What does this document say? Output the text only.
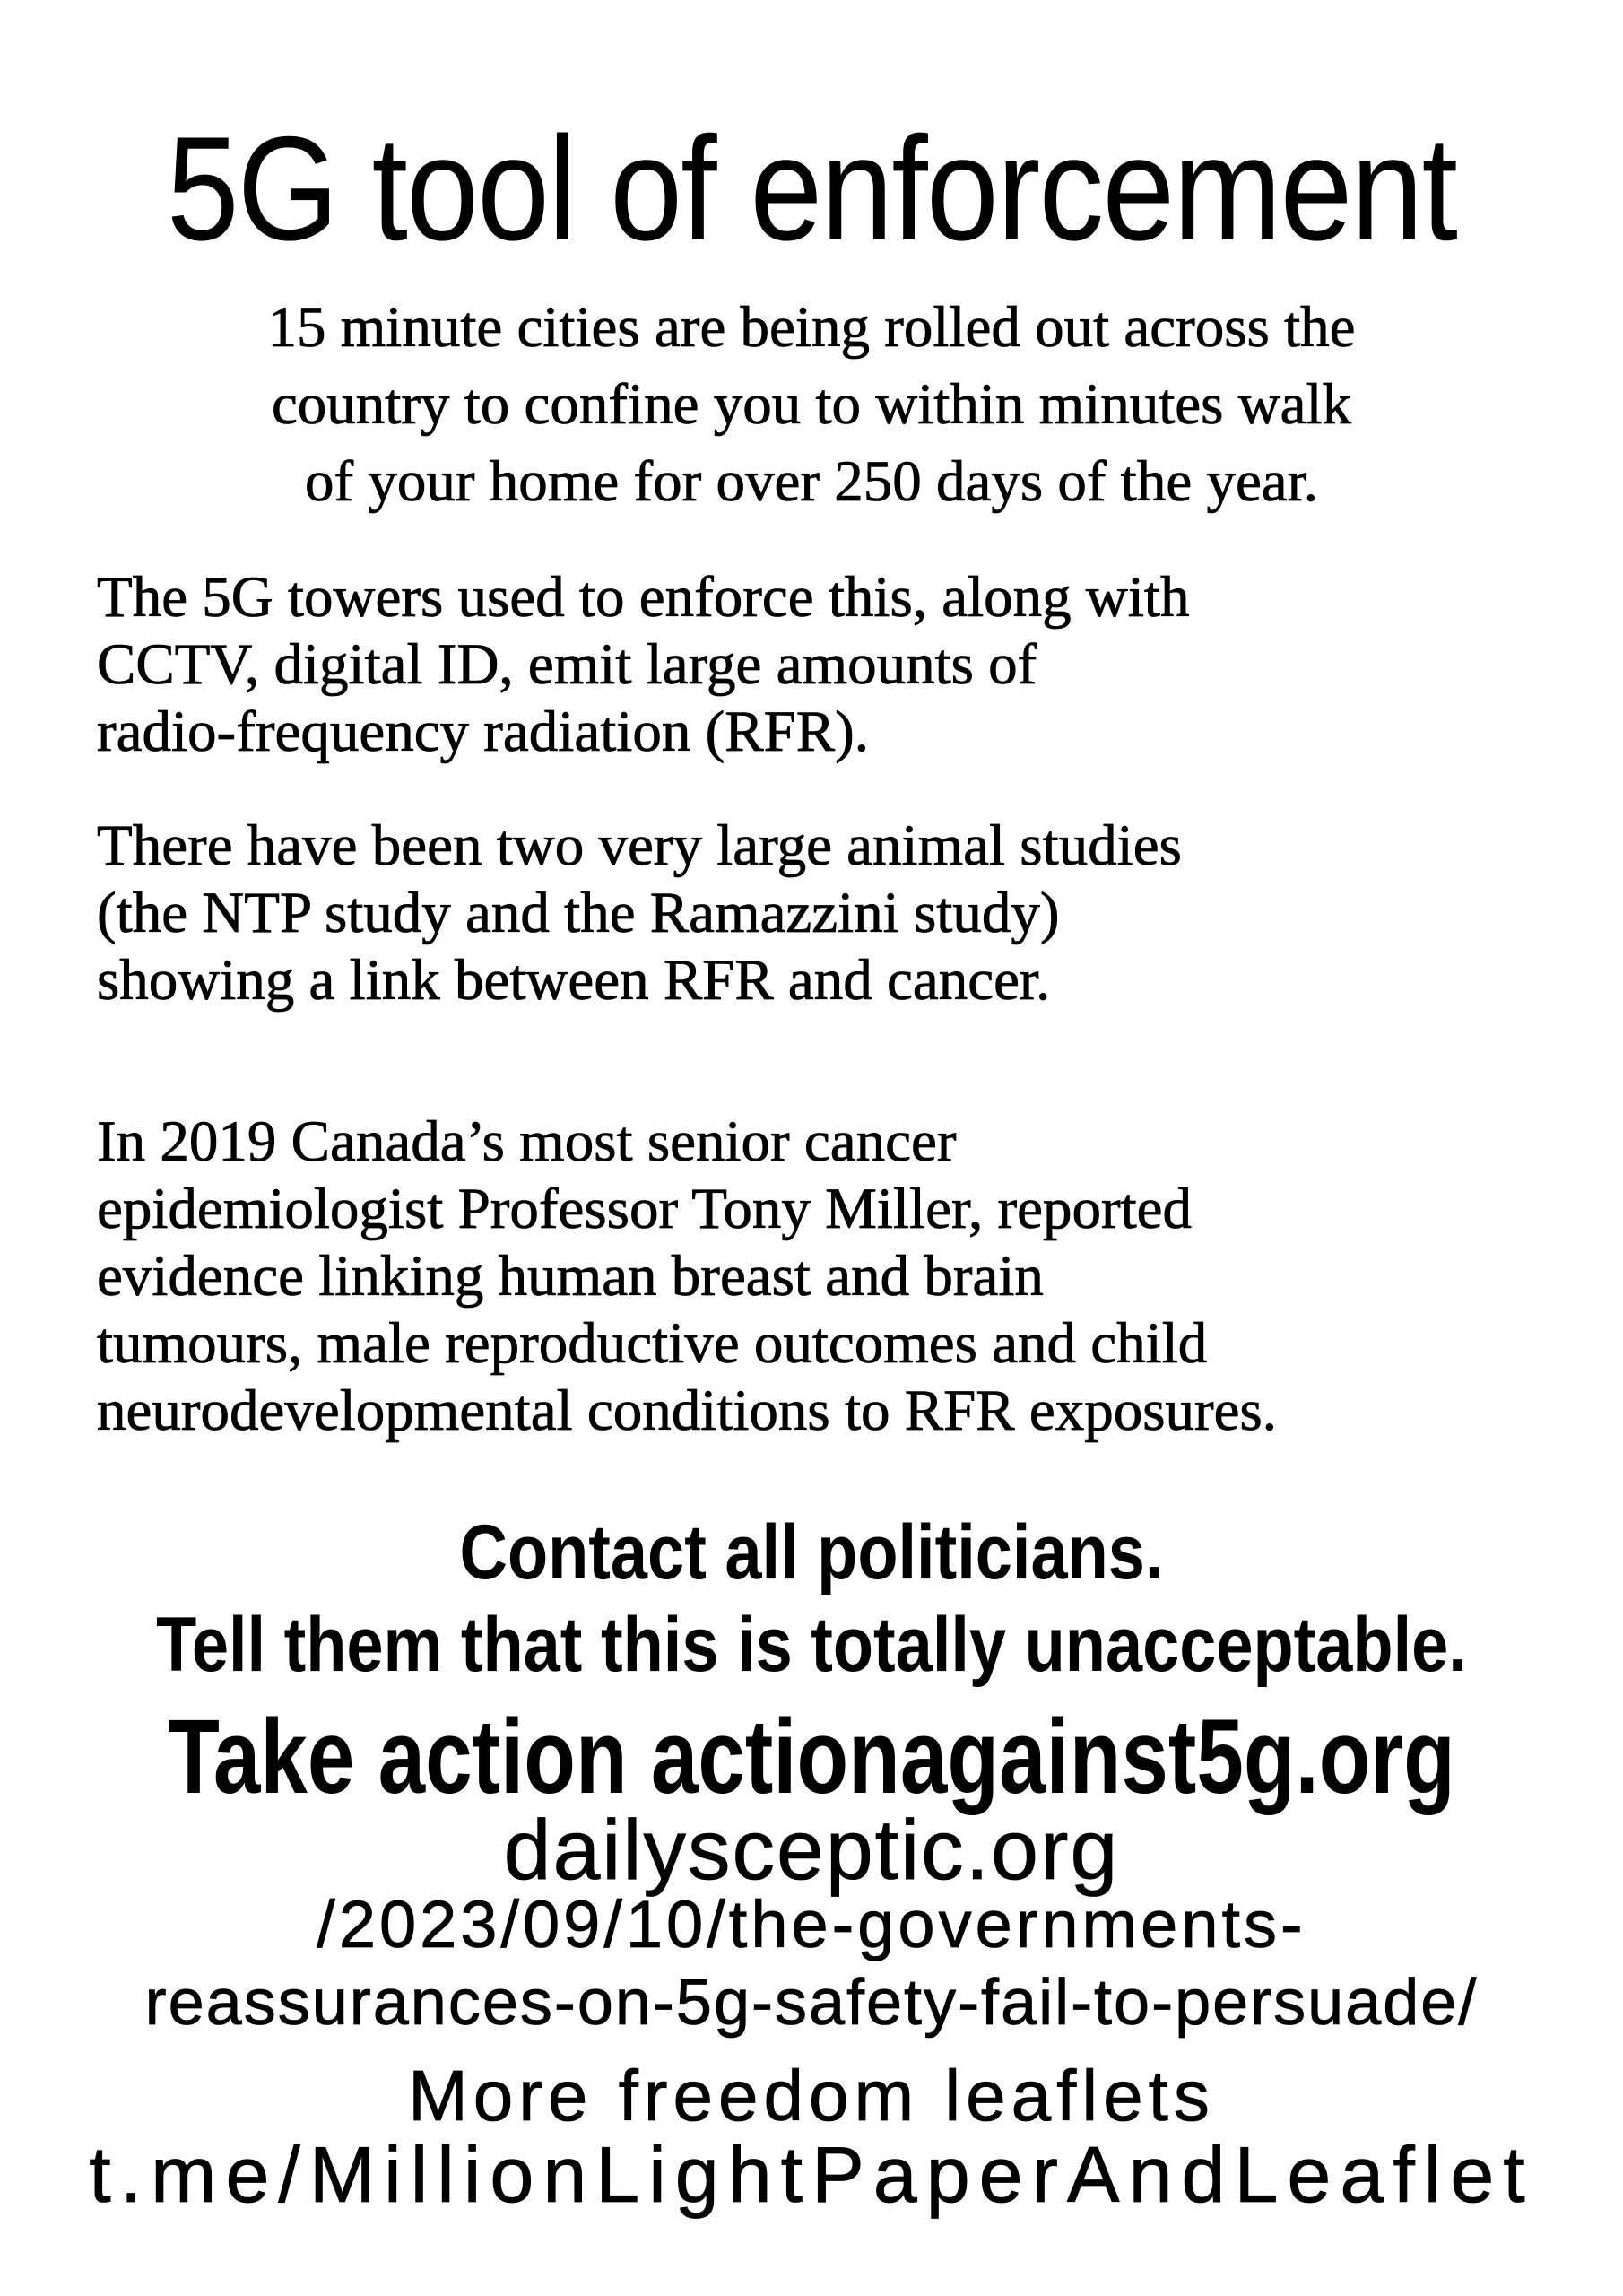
5G tool of enforcement
15 minute cities are being rolled out across the
country to confine you to within minutes walk
of your home for over 250 days of the year.
The 5G towers used to enforce this, along with
CCTV, digital ID, emit large amounts of
radio-frequency radiation (RFR).
There have been two very large animal studies
(the NTP study and the Ramazzini study)
showing a link between RFR and cancer.
In 2019 Canada’s most senior cancer
epidemiologist Professor Tony Miller, reported
evidence linking human breast and brain
tumours, male reproductive outcomes and child
neurodevelopmental conditions to RFR exposures.
Contact all politicians.
Tell them that this is totally unacceptable.
Take action actionagainst5g.org
dailysceptic.org
/2023/09/10/the-governments-
reassurances-on-5g-safety-fail-to-persuade/
More freedom leaflets
t.me/MillionLightPaperAndLeaflet
